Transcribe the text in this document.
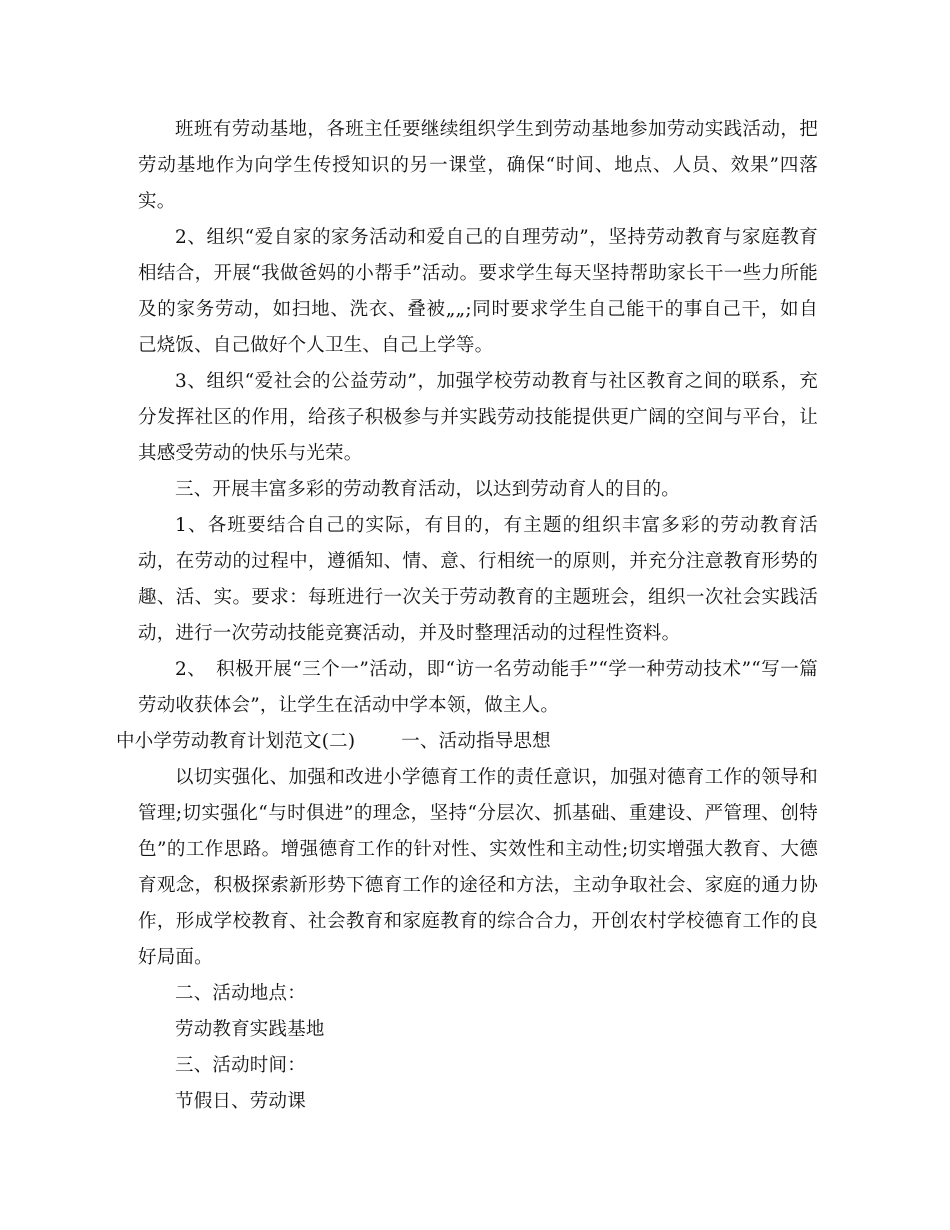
班班有劳动基地，各班主任要继续组织学生到劳动基地参加劳动实践活动，把劳动基地作为向学生传授知识的另一课堂，确保“时间、地点、人员、效果”四落实。

2、组织“爱自家的家务活动和爱自己的自理劳动”，坚持劳动教育与家庭教育相结合，开展“我做爸妈的小帮手”活动。要求学生每天坚持帮助家长干一些力所能及的家务劳动，如扫地、洗衣、叠被„„;同时要求学生自己能干的事自己干，如自己烧饭、自己做好个人卫生、自己上学等。

3、组织“爱社会的公益劳动”，加强学校劳动教育与社区教育之间的联系，充分发挥社区的作用，给孩子积极参与并实践劳动技能提供更广阔的空间与平台，让其感受劳动的快乐与光荣。

三、开展丰富多彩的劳动教育活动，以达到劳动育人的目的。

1、各班要结合自己的实际，有目的，有主题的组织丰富多彩的劳动教育活动，在劳动的过程中，遵循知、情、意、行相统一的原则，并充分注意教育形势的趣、活、实。要求：每班进行一次关于劳动教育的主题班会，组织一次社会实践活动，进行一次劳动技能竞赛活动，并及时整理活动的过程性资料。

2、　积极开展“三个一”活动，即“访一名劳动能手”“学一种劳动技术”“写一篇劳动收获体会”，让学生在活动中学本领，做主人。

中小学劳动教育计划范文(二) 一、活动指导思想

以切实强化、加强和改进小学德育工作的责任意识，加强对德育工作的领导和管理;切实强化“与时俱进”的理念，坚持“分层次、抓基础、重建设、严管理、创特色”的工作思路。增强德育工作的针对性、实效性和主动性;切实增强大教育、大德育观念，积极探索新形势下德育工作的途径和方法，主动争取社会、家庭的通力协作，形成学校教育、社会教育和家庭教育的综合合力，开创农村学校德育工作的良好局面。

二、活动地点：

劳动教育实践基地

三、活动时间：

节假日、劳动课
